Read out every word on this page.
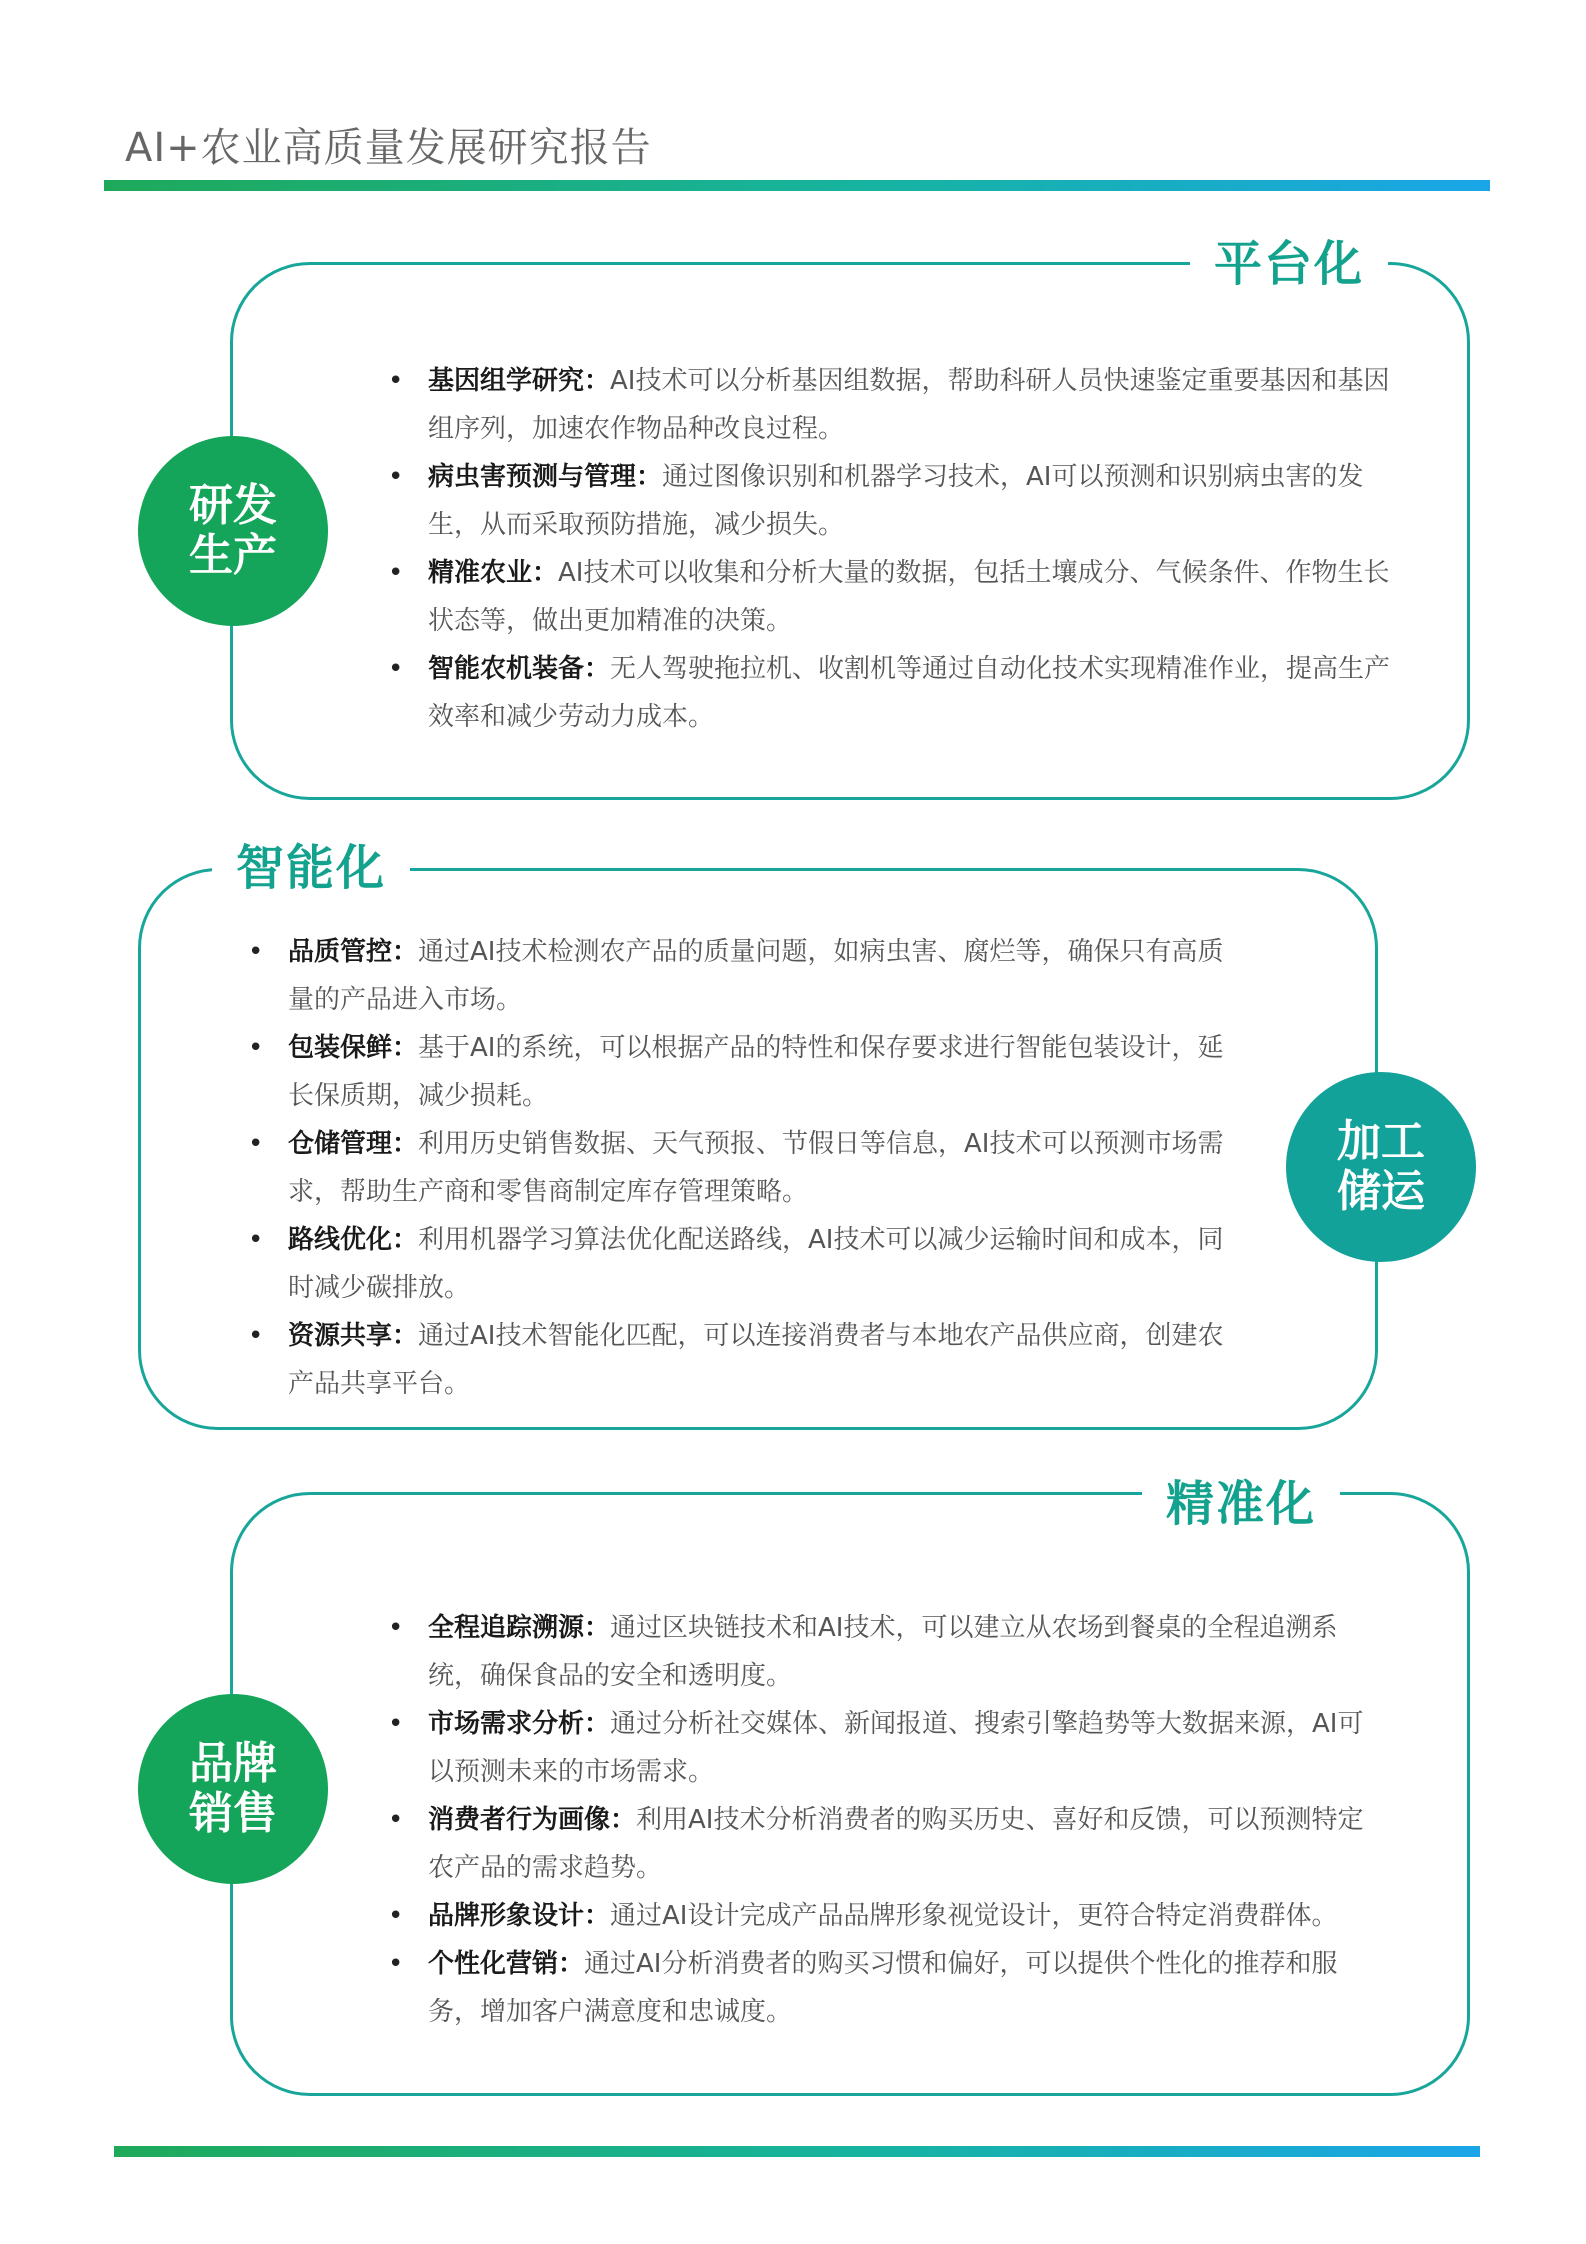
AI+农业高质量发展研究报告
平台化
研发
生产
• 基因组学研究：AI技术可以分析基因组数据，帮助科研人员快速鉴定重要基因和基因组序列，加速农作物品种改良过程。
• 病虫害预测与管理：通过图像识别和机器学习技术，AI可以预测和识别病虫害的发生，从而采取预防措施，减少损失。
• 精准农业：AI技术可以收集和分析大量的数据，包括土壤成分、气候条件、作物生长状态等，做出更加精准的决策。
• 智能农机装备：无人驾驶拖拉机、收割机等通过自动化技术实现精准作业，提高生产效率和减少劳动力成本。
智能化
加工
储运
• 品质管控：通过AI技术检测农产品的质量问题，如病虫害、腐烂等，确保只有高质量的产品进入市场。
• 包装保鲜：基于AI的系统，可以根据产品的特性和保存要求进行智能包装设计，延长保质期，减少损耗。
• 仓储管理：利用历史销售数据、天气预报、节假日等信息，AI技术可以预测市场需求，帮助生产商和零售商制定库存管理策略。
• 路线优化：利用机器学习算法优化配送路线，AI技术可以减少运输时间和成本，同时减少碳排放。
• 资源共享：通过AI技术智能化匹配，可以连接消费者与本地农产品供应商，创建农产品共享平台。
精准化
品牌
销售
• 全程追踪溯源：通过区块链技术和AI技术，可以建立从农场到餐桌的全程追溯系统，确保食品的安全和透明度。
• 市场需求分析：通过分析社交媒体、新闻报道、搜索引擎趋势等大数据来源，AI可以预测未来的市场需求。
• 消费者行为画像：利用AI技术分析消费者的购买历史、喜好和反馈，可以预测特定农产品的需求趋势。
• 品牌形象设计：通过AI设计完成产品品牌形象视觉设计，更符合特定消费群体。
• 个性化营销：通过AI分析消费者的购买习惯和偏好，可以提供个性化的推荐和服务，增加客户满意度和忠诚度。
